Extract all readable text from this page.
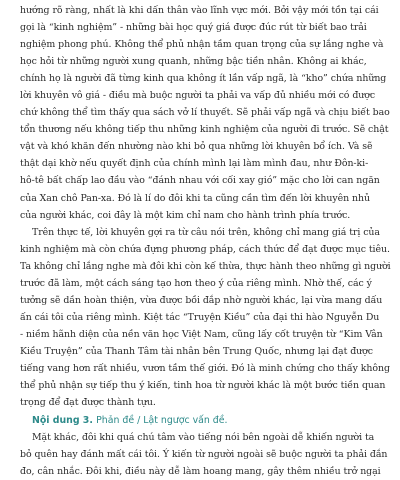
hướng rõ ràng, nhất là khi dấn thân vào lĩnh vực mới. Bởi vậy mới tồn tại cái
gọi là “kinh nghiệm” - những bài học quý giá được đúc rút từ biết bao trải
nghiệm phong phú. Không thể phủ nhận tầm quan trọng của sự lắng nghe và
học hỏi từ những người xung quanh, những bậc tiền nhân. Không ai khác,
chính họ là người đã từng kinh qua không ít lần vấp ngã, là “kho” chứa những
lời khuyên vô giá - điều mà buộc người ta phải va vấp đủ nhiều mới có được
chứ không thể tìm thấy qua sách vở lí thuyết. Sẽ phải vấp ngã và chịu biết bao
tổn thương nếu không tiếp thu những kinh nghiệm của người đi trước. Sẽ chật
vật và khó khăn đến nhường nào khi bỏ qua những lời khuyên bổ ích. Và sẽ
thật dại khờ nếu quyết định của chính mình lại làm mình đau, như Đôn-ki-
hô-tê bất chấp lao đầu vào “đánh nhau với cối xay gió” mặc cho lời can ngăn
của Xan chô Pan-xa. Đó là lí do đôi khi ta cũng cần tìm đến lời khuyên nhủ
của người khác, coi đây là một kim chỉ nam cho hành trình phía trước.
Trên thực tế, lời khuyên gợi ra từ câu nói trên, không chỉ mang giá trị của
kinh nghiệm mà còn chứa đựng phương pháp, cách thức để đạt được mục tiêu.
Ta không chỉ lắng nghe mà đôi khi còn kế thừa, thực hành theo những gì người
trước đã làm, một cách sáng tạo hơn theo ý của riêng mình. Nhờ thế, các ý
tưởng sẽ dần hoàn thiện, vừa được bồi đắp nhờ người khác, lại vừa mang dấu
ấn cái tôi của riêng mình. Kiệt tác “Truyện Kiều” của đại thi hào Nguyễn Du
- niềm hãnh diện của nền văn học Việt Nam, cũng lấy cốt truyện từ “Kim Vân
Kiều Truyện” của Thanh Tâm tài nhân bên Trung Quốc, nhưng lại đạt được
tiếng vang hơn rất nhiều, vươn tầm thế giới. Đó là minh chứng cho thấy không
thể phủ nhận sự tiếp thu ý kiến, tinh hoa từ người khác là một bước tiền quan
trọng để đạt được thành tựu.
Nội dung 3. Phản đề / Lật ngược vấn đề.
Mặt khác, đôi khi quá chú tâm vào tiếng nói bên ngoài dễ khiến người ta
bỏ quên hay đánh mất cái tôi. Ý kiến từ người ngoài sẽ buộc người ta phải đắn
đo, cân nhắc. Đôi khi, điều này dễ làm hoang mang, gây thêm nhiều trở ngại
